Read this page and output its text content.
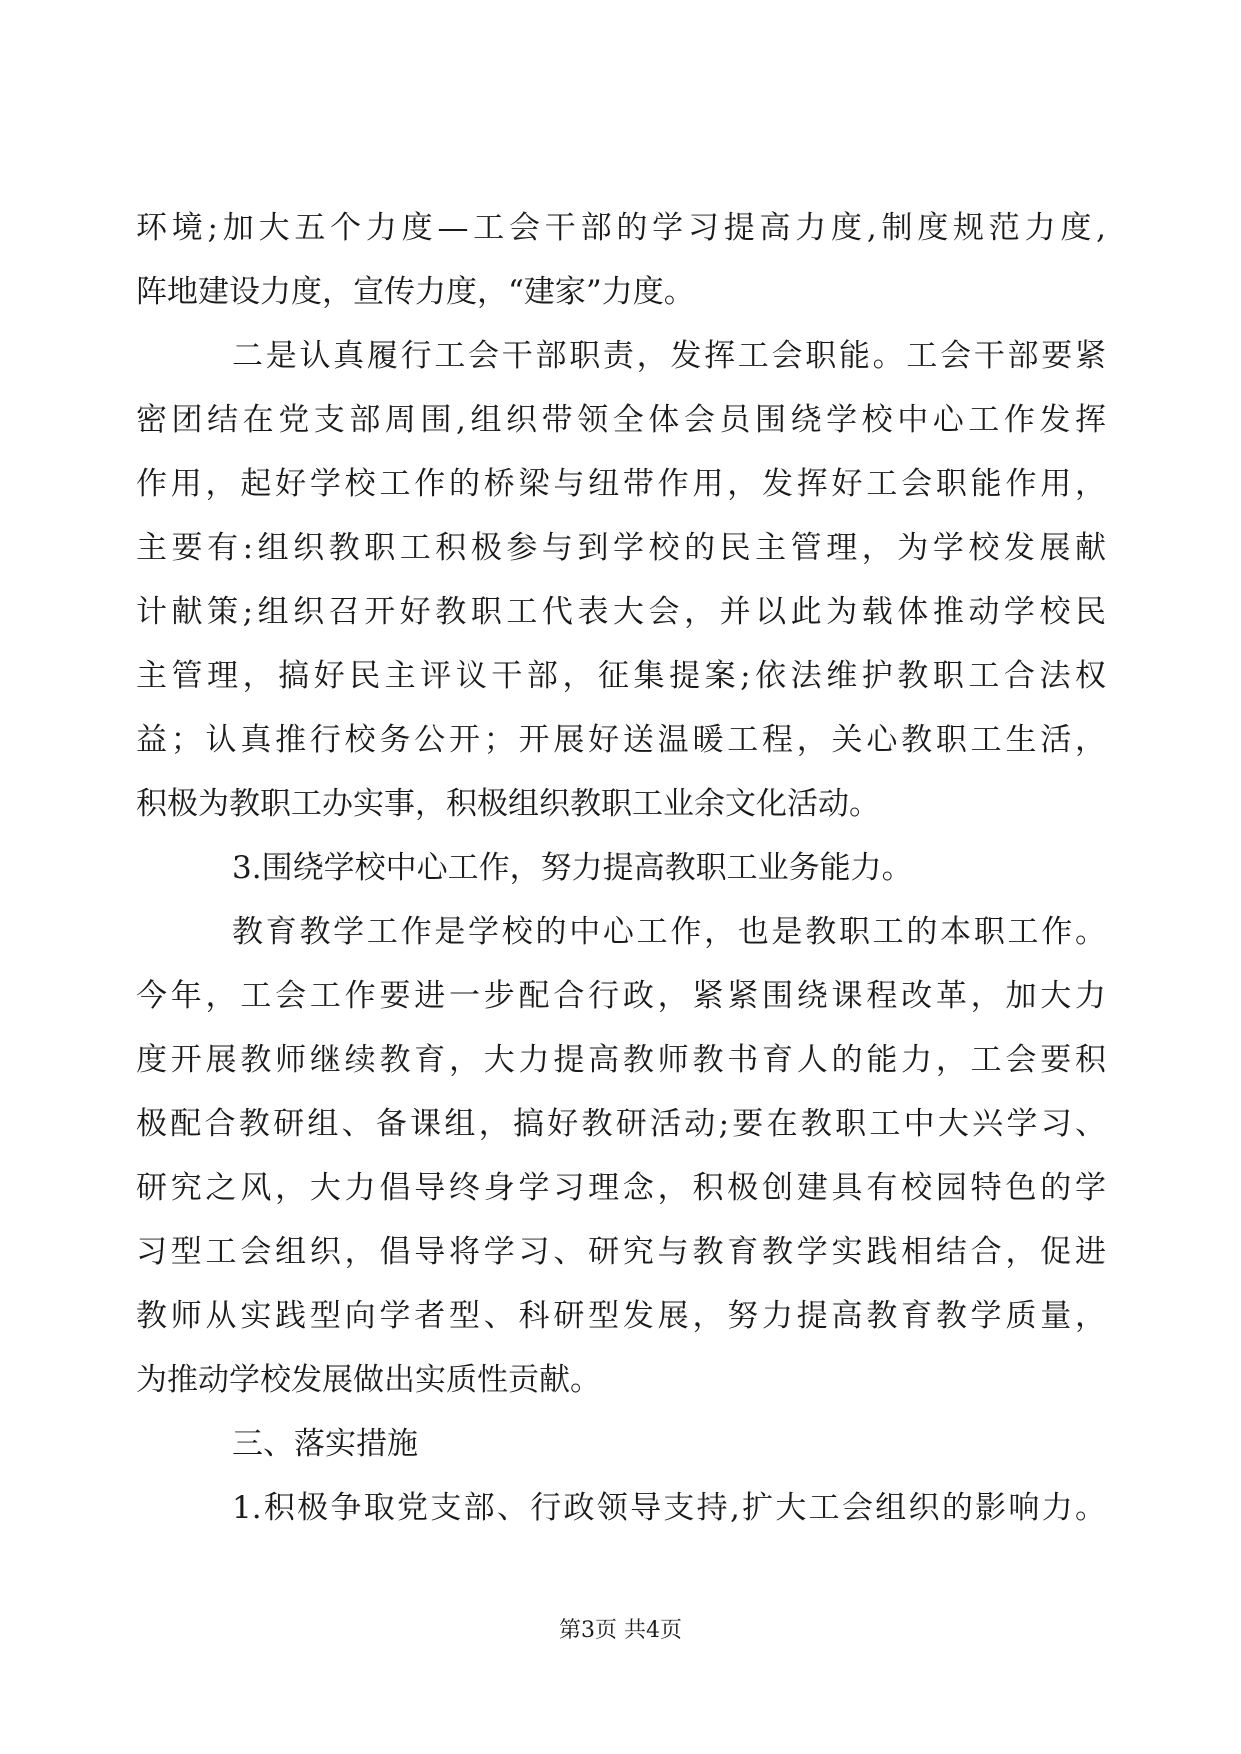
环境;加大五个力度—工会干部的学习提高力度,制度规范力度,
阵地建设力度，宣传力度，“建家”力度。
二是认真履行工会干部职责，发挥工会职能。工会干部要紧
密团结在党支部周围,组织带领全体会员围绕学校中心工作发挥
作用，起好学校工作的桥梁与纽带作用，发挥好工会职能作用，
主要有:组织教职工积极参与到学校的民主管理，为学校发展献
计献策;组织召开好教职工代表大会，并以此为载体推动学校民
主管理，搞好民主评议干部，征集提案;依法维护教职工合法权
益；认真推行校务公开；开展好送温暖工程，关心教职工生活，
积极为教职工办实事，积极组织教职工业余文化活动。
3.围绕学校中心工作，努力提高教职工业务能力。
教育教学工作是学校的中心工作，也是教职工的本职工作。
今年，工会工作要进一步配合行政，紧紧围绕课程改革，加大力
度开展教师继续教育，大力提高教师教书育人的能力，工会要积
极配合教研组、备课组，搞好教研活动;要在教职工中大兴学习、
研究之风，大力倡导终身学习理念，积极创建具有校园特色的学
习型工会组织，倡导将学习、研究与教育教学实践相结合，促进
教师从实践型向学者型、科研型发展，努力提高教育教学质量，
为推动学校发展做出实质性贡献。
三、落实措施
1.积极争取党支部、行政领导支持,扩大工会组织的影响力。
第3页 共4页
